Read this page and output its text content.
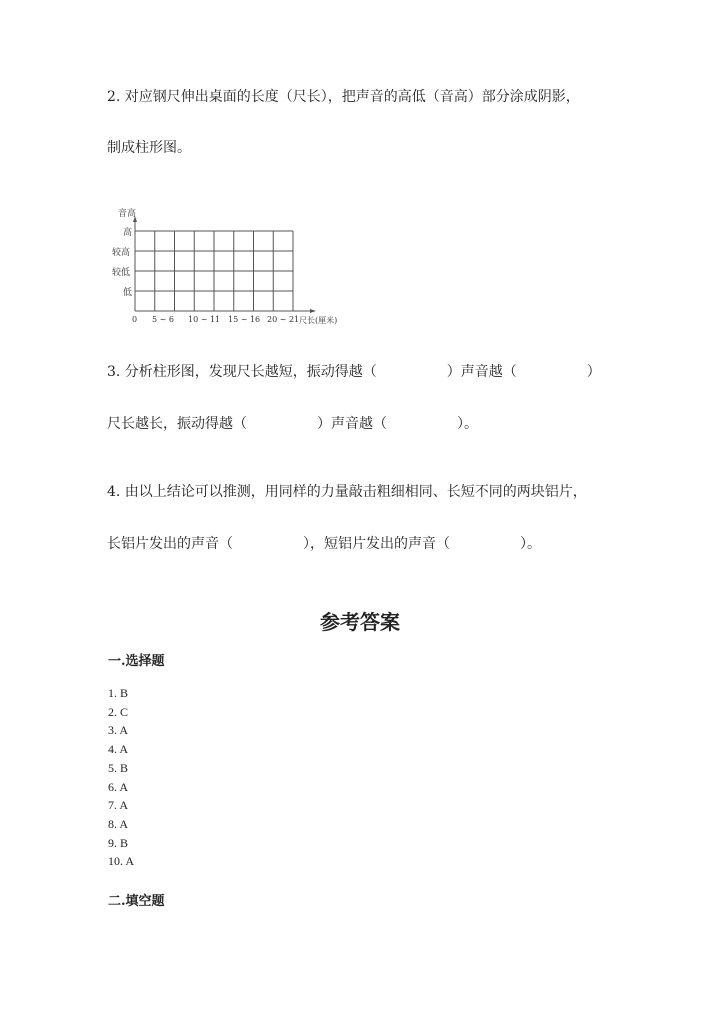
2. 对应钢尺伸出桌面的长度（尺长），把声音的高低（音高）部分涂成阴影，
制成柱形图。
音高
高
较高
较低
低
0 5 ~ 6 10 ~ 11 15 ~ 16 20 ~ 21 尺长(厘米)
3. 分析柱形图，发现尺长越短，振动得越（　　　　　）声音越（　　　　　）
尺长越长，振动得越（　　　　　）声音越（　　　　　）。
4. 由以上结论可以推测，用同样的力量敲击粗细相同、长短不同的两块铝片，
长铝片发出的声音（　　　　　），短铝片发出的声音（　　　　　）。
参考答案
一.选择题
1. B
2. C
3. A
4. A
5. B
6. A
7. A
8. A
9. B
10. A
二.填空题
